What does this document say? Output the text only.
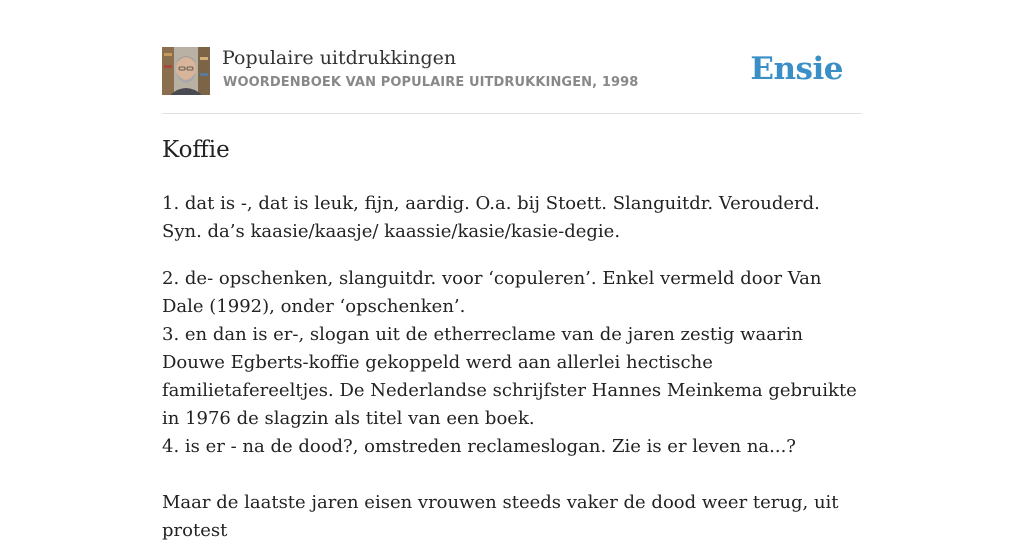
Populaire uitdrukkingen
WOORDENBOEK VAN POPULAIRE UITDRUKKINGEN, 1998	Ensie
Koffie

1. dat is -, dat is leuk, fijn, aardig. O.a. bij Stoett. Slanguitdr. Verouderd. Syn. da’s kaasie/kaasje/ kaassie/kasie/kasie-degie.

2. de- opschenken, slanguitdr. voor ‘copuleren’. Enkel vermeld door Van Dale (1992), onder ‘opschenken’.

3. en dan is er-, slogan uit de etherreclame van de jaren zestig waarin Douwe Egberts-koffie gekoppeld werd aan allerlei hectische familietafereeltjes. De Nederlandse schrijfster Hannes Meinkema gebruikte in 1976 de slagzin als titel van een boek.

4. is er - na de dood?, omstreden reclameslogan. Zie is er leven na...?

Maar de laatste jaren eisen vrouwen steeds vaker de dood weer terug, uit protest
